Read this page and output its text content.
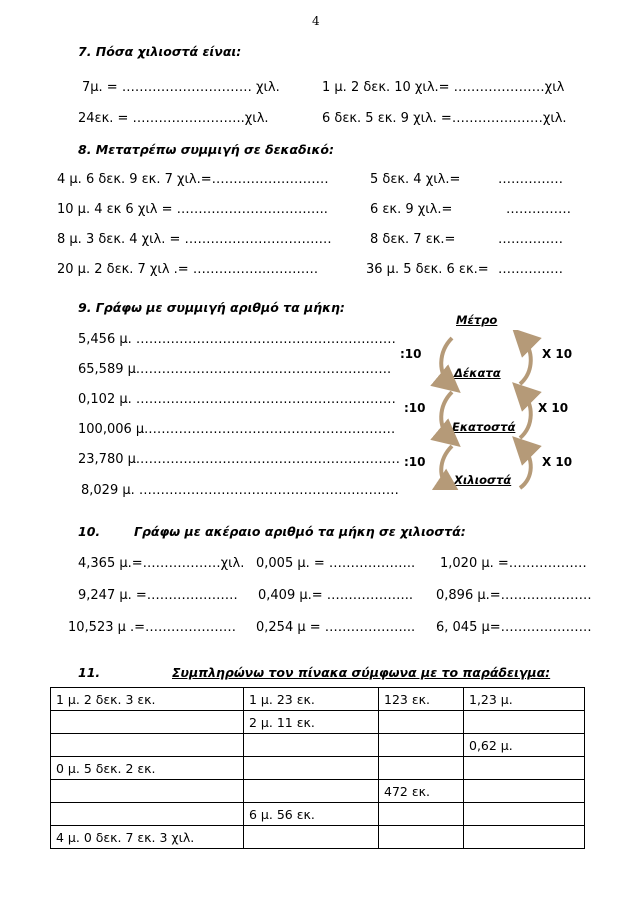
4
7. Πόσα χιλιοστά είναι:
7μ. = ………………………… χιλ.
24εκ. = ……………………..χιλ.
1 μ. 2 δεκ. 10 χιλ.= …………………χιλ
6 δεκ. 5 εκ. 9 χιλ. =…………………χιλ.
8. Μετατρέπω συμμιγή σε δεκαδικό:
4 μ. 6 δεκ. 9 εκ. 7 χιλ.=………………………
10 μ. 4 εκ 6 χιλ = ……………………………..
8 μ. 3 δεκ. 4 χιλ. = ………………………….…
20 μ. 2 δεκ. 7 χιλ .= ……………..…………
5 δεκ. 4 χιλ.=
6 εκ. 9 χιλ.=
8 δεκ. 7 εκ.=
36 μ. 5 δεκ. 6 εκ.=
……………
……………
……………
……………
9. Γράφω με συμμιγή αριθμό τα μήκη:
5,456 μ. ……………………………………………………
65,589 μ.………………………………………………….
0,102 μ. ……………………………………………………
100,006 μ.…………………………………………………
23,780 μ.……………………………………………………
8,029 μ. ……………………………………………………
Μέτρο
Δέκατα
Εκατοστά
Χιλιοστά
:10
:10
:10
Χ 10
Χ 10
Χ 10
10.	Γράφω με ακέραιο αριθμό τα μήκη σε χιλιοστά:
4,365 μ.=………………χιλ.
9,247 μ. =…………………
10,523 μ .=…………………
0,005 μ. = ………………..
0,409 μ.= ………………..
0,254 μ = ………………...
1,020 μ. =………………
0,896 μ.=…………………
6, 045 μ=…………………
11.	Συμπληρώνω τον πίνακα σύμφωνα με το παράδειγμα:
1 μ. 2 δεκ. 3 εκ.	1 μ. 23 εκ.	123 εκ.	1,23 μ.
	2 μ. 11 εκ.		
			0,62 μ.
0 μ. 5 δεκ. 2 εκ.			
		472 εκ.	
	6 μ. 56 εκ.		
4 μ. 0 δεκ. 7 εκ. 3 χιλ.			
